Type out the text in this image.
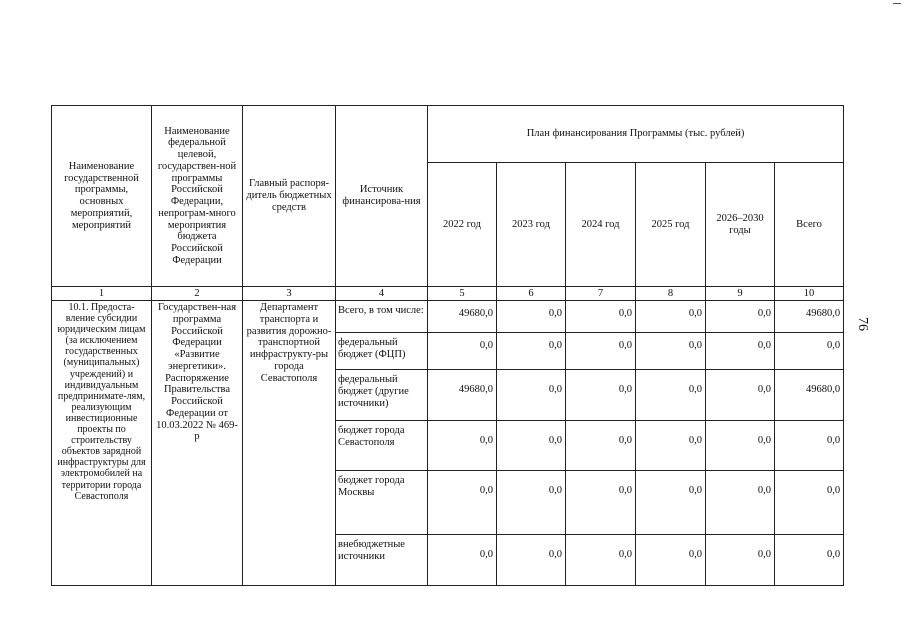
Наименование государственной программы, основных мероприятий, мероприятий	Наименование федеральной целевой, государствен-ной программы Российской Федерации, непрограм-много мероприятия бюджета Российской Федерации	Главный распоря-дитель бюджетных средств	Источник финансирова-ния	План финансирования Программы (тыс. рублей)					
				2022 год	2023 год	2024 год	2025 год	2026–2030 годы	Всего
1	2	3	4	5	6	7	8	9	10
10.1. Предоста-вление субсидии юридическим лицам (за исключением государственных (муниципальных) учреждений) и индивидуальным предпринимате-лям, реализующим инвестиционные проекты по строительству объектов зарядной инфраструктуры для электромобилей на территории города Севастополя	Государствен-ная программа Российской Федерации «Развитие энергетики». Распоряжение Правительства Российской Федерации от 10.03.2022 № 469-р	Департамент транспорта и развития дорожно-транспортной инфраструкту-ры города Севастополя	Всего, в том числе:	49680,0	0,0	0,0	0,0	0,0	49680,0
			федеральный бюджет (ФЦП)	0,0	0,0	0,0	0,0	0,0	0,0
			федеральный бюджет (другие источники)	49680,0	0,0	0,0	0,0	0,0	49680,0
			бюджет города Севастополя	0,0	0,0	0,0	0,0	0,0	0,0
			бюджет города Москвы	0,0	0,0	0,0	0,0	0,0	0,0
			внебюджетные источники	0,0	0,0	0,0	0,0	0,0	0,0
76
